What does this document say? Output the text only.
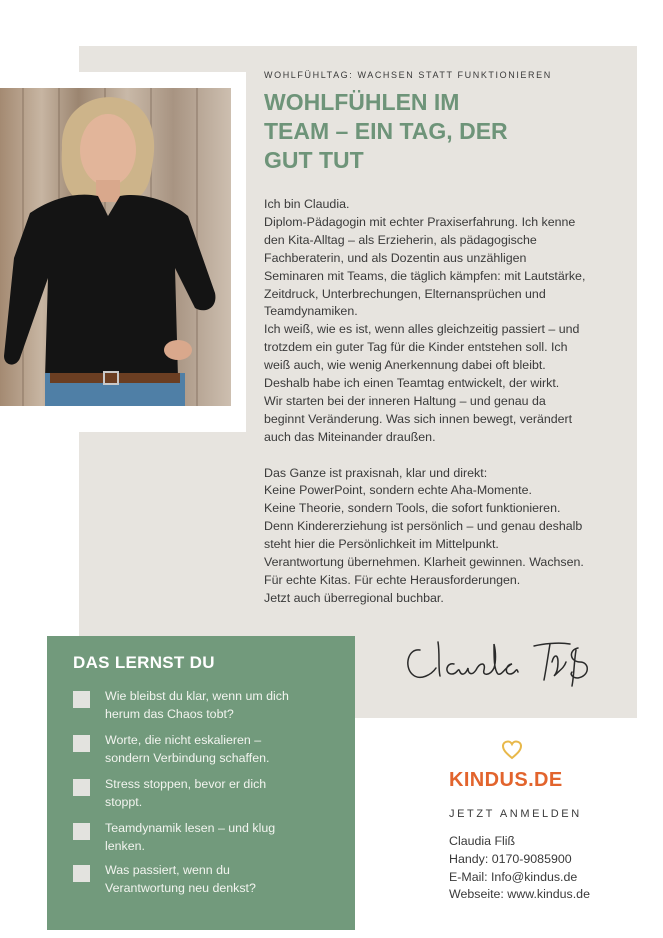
WOHLFÜHLTAG: WACHSEN STATT FUNKTIONIEREN
WOHLFÜHLEN IM
TEAM – EIN TAG, DER
GUT TUT
Ich bin Claudia.
Diplom-Pädagogin mit echter Praxiserfahrung. Ich kenne
den Kita-Alltag – als Erzieherin, als pädagogische
Fachberaterin, und als Dozentin aus unzähligen
Seminaren mit Teams, die täglich kämpfen: mit Lautstärke,
Zeitdruck, Unterbrechungen, Elternansprüchen und
Teamdynamiken.
Ich weiß, wie es ist, wenn alles gleichzeitig passiert – und
trotzdem ein guter Tag für die Kinder entstehen soll. Ich
weiß auch, wie wenig Anerkennung dabei oft bleibt.
Deshalb habe ich einen Teamtag entwickelt, der wirkt.
Wir starten bei der inneren Haltung – und genau da
beginnt Veränderung. Was sich innen bewegt, verändert
auch das Miteinander draußen.
Das Ganze ist praxisnah, klar und direkt:
Keine PowerPoint, sondern echte Aha-Momente.
Keine Theorie, sondern Tools, die sofort funktionieren.
Denn Kindererziehung ist persönlich – und genau deshalb
steht hier die Persönlichkeit im Mittelpunkt.
Verantwortung übernehmen. Klarheit gewinnen. Wachsen.
Für echte Kitas. Für echte Herausforderungen.
Jetzt auch überregional buchbar.
DAS LERNST DU
Wie bleibst du klar, wenn um dich
herum das Chaos tobt?
Worte, die nicht eskalieren –
sondern Verbindung schaffen.
Stress stoppen, bevor er dich
stoppt.
Teamdynamik lesen – und klug
lenken.
Was passiert, wenn du
Verantwortung neu denkst?
KINDUS.DE
JETZT ANMELDEN
Claudia Fliß
Handy: 0170-9085900
E-Mail: Info@kindus.de
Webseite: www.kindus.de
